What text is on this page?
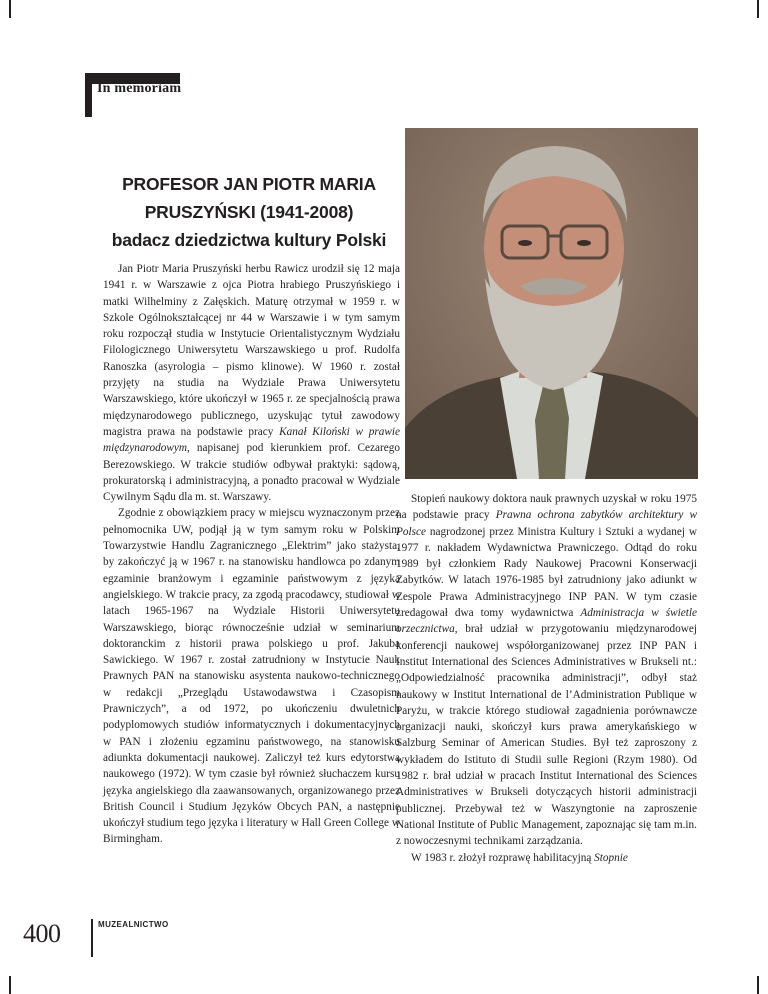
In memoriam
PROFESOR JAN PIOTR MARIA
PRUSZYŃSKI (1941-2008)
badacz dziedzictwa kultury Polski

Jan Piotr Maria Pruszyński herbu Rawicz urodził się 12 maja 1941 r. w Warszawie z ojca Piotra hrabiego Pruszyńskiego i matki Wilhelminy z Załęskich. Maturę otrzymał w 1959 r. w Szkole Ogólnokształcącej nr 44 w Warszawie i w tym samym roku rozpoczął studia w Instytucie Orientalistycznym Wydziału Filologicznego Uniwersytetu Warszawskiego u prof. Rudolfa Ranoszka (asyrologia – pismo klinowe). W 1960 r. został przyjęty na studia na Wydziale Prawa Uniwersytetu Warszawskiego, które ukończył w 1965 r. ze specjalnością prawa międzynarodowego publicznego, uzyskując tytuł zawodowy magistra prawa na podstawie pracy Kanał Kiloński w prawie międzynarodowym, napisanej pod kierunkiem prof. Cezarego Berezowskiego. W trakcie studiów odbywał praktyki: sądową, prokuratorską i administracyjną, a ponadto pracował w Wydziale Cywilnym Sądu dla m. st. Warszawy.

Zgodnie z obowiązkiem pracy w miejscu wyznaczonym przez pełnomocnika UW, podjął ją w tym samym roku w Polskim Towarzystwie Handlu Zagranicznego „Elektrim” jako stażysta, by zakończyć ją w 1967 r. na stanowisku handlowca po zdanym egzaminie branżowym i egzaminie państwowym z języka angielskiego. W trakcie pracy, za zgodą pracodawcy, studiował w latach 1965-1967 na Wydziale Historii Uniwersytetu Warszawskiego, biorąc równocześnie udział w seminarium doktoranckim z historii prawa polskiego u prof. Jakuba Sawickiego. W 1967 r. został zatrudniony w Instytucie Nauk Prawnych PAN na stanowisku asystenta naukowo-technicznego w redakcji „Przeglądu Ustawodawstwa i Czasopism Prawniczych”, a od 1972, po ukończeniu dwuletnich podyplomowych studiów informatycznych i dokumentacyjnych w PAN i złożeniu egzaminu państwowego, na stanowisku adiunkta dokumentacji naukowej. Zaliczył też kurs edytorstwa naukowego (1972). W tym czasie był również słuchaczem kursu języka angielskiego dla zaawansowanych, organizowanego przez British Council i Studium Języków Obcych PAN, a następnie ukończył studium tego języka i literatury w Hall Green College w Birmingham.

Stopień naukowy doktora nauk prawnych uzyskał w roku 1975 na podstawie pracy Prawna ochrona zabytków architektury w Polsce nagrodzonej przez Ministra Kultury i Sztuki a wydanej w 1977 r. nakładem Wydawnictwa Prawniczego. Odtąd do roku 1989 był członkiem Rady Naukowej Pracowni Konserwacji Zabytków. W latach 1976-1985 był zatrudniony jako adiunkt w Zespole Prawa Administracyjnego INP PAN. W tym czasie zredagował dwa tomy wydawnictwa Administracja w świetle orzecznictwa, brał udział w przygotowaniu międzynarodowej konferencji naukowej współorganizowanej przez INP PAN i Institut International des Sciences Administratives w Brukseli nt.: „Odpowiedzialność pracownika administracji”, odbył staż naukowy w Institut International de l’Administration Publique w Paryżu, w trakcie którego studiował zagadnienia porównawcze organizacji nauki, skończył kurs prawa amerykańskiego w Salzburg Seminar of American Studies. Był też zaproszony z wykładem do Istituto di Studii sulle Regioni (Rzym 1980). Od 1982 r. brał udział w pracach Institut International des Sciences Administratives w Brukseli dotyczących historii administracji publicznej. Przebywał też w Waszyngtonie na zaproszenie National Institute of Public Management, zapoznając się tam m.in. z nowoczesnymi technikami zarządzania.

W 1983 r. złożył rozprawę habilitacyjną Stopnie

400	MUZEALNICTWO
